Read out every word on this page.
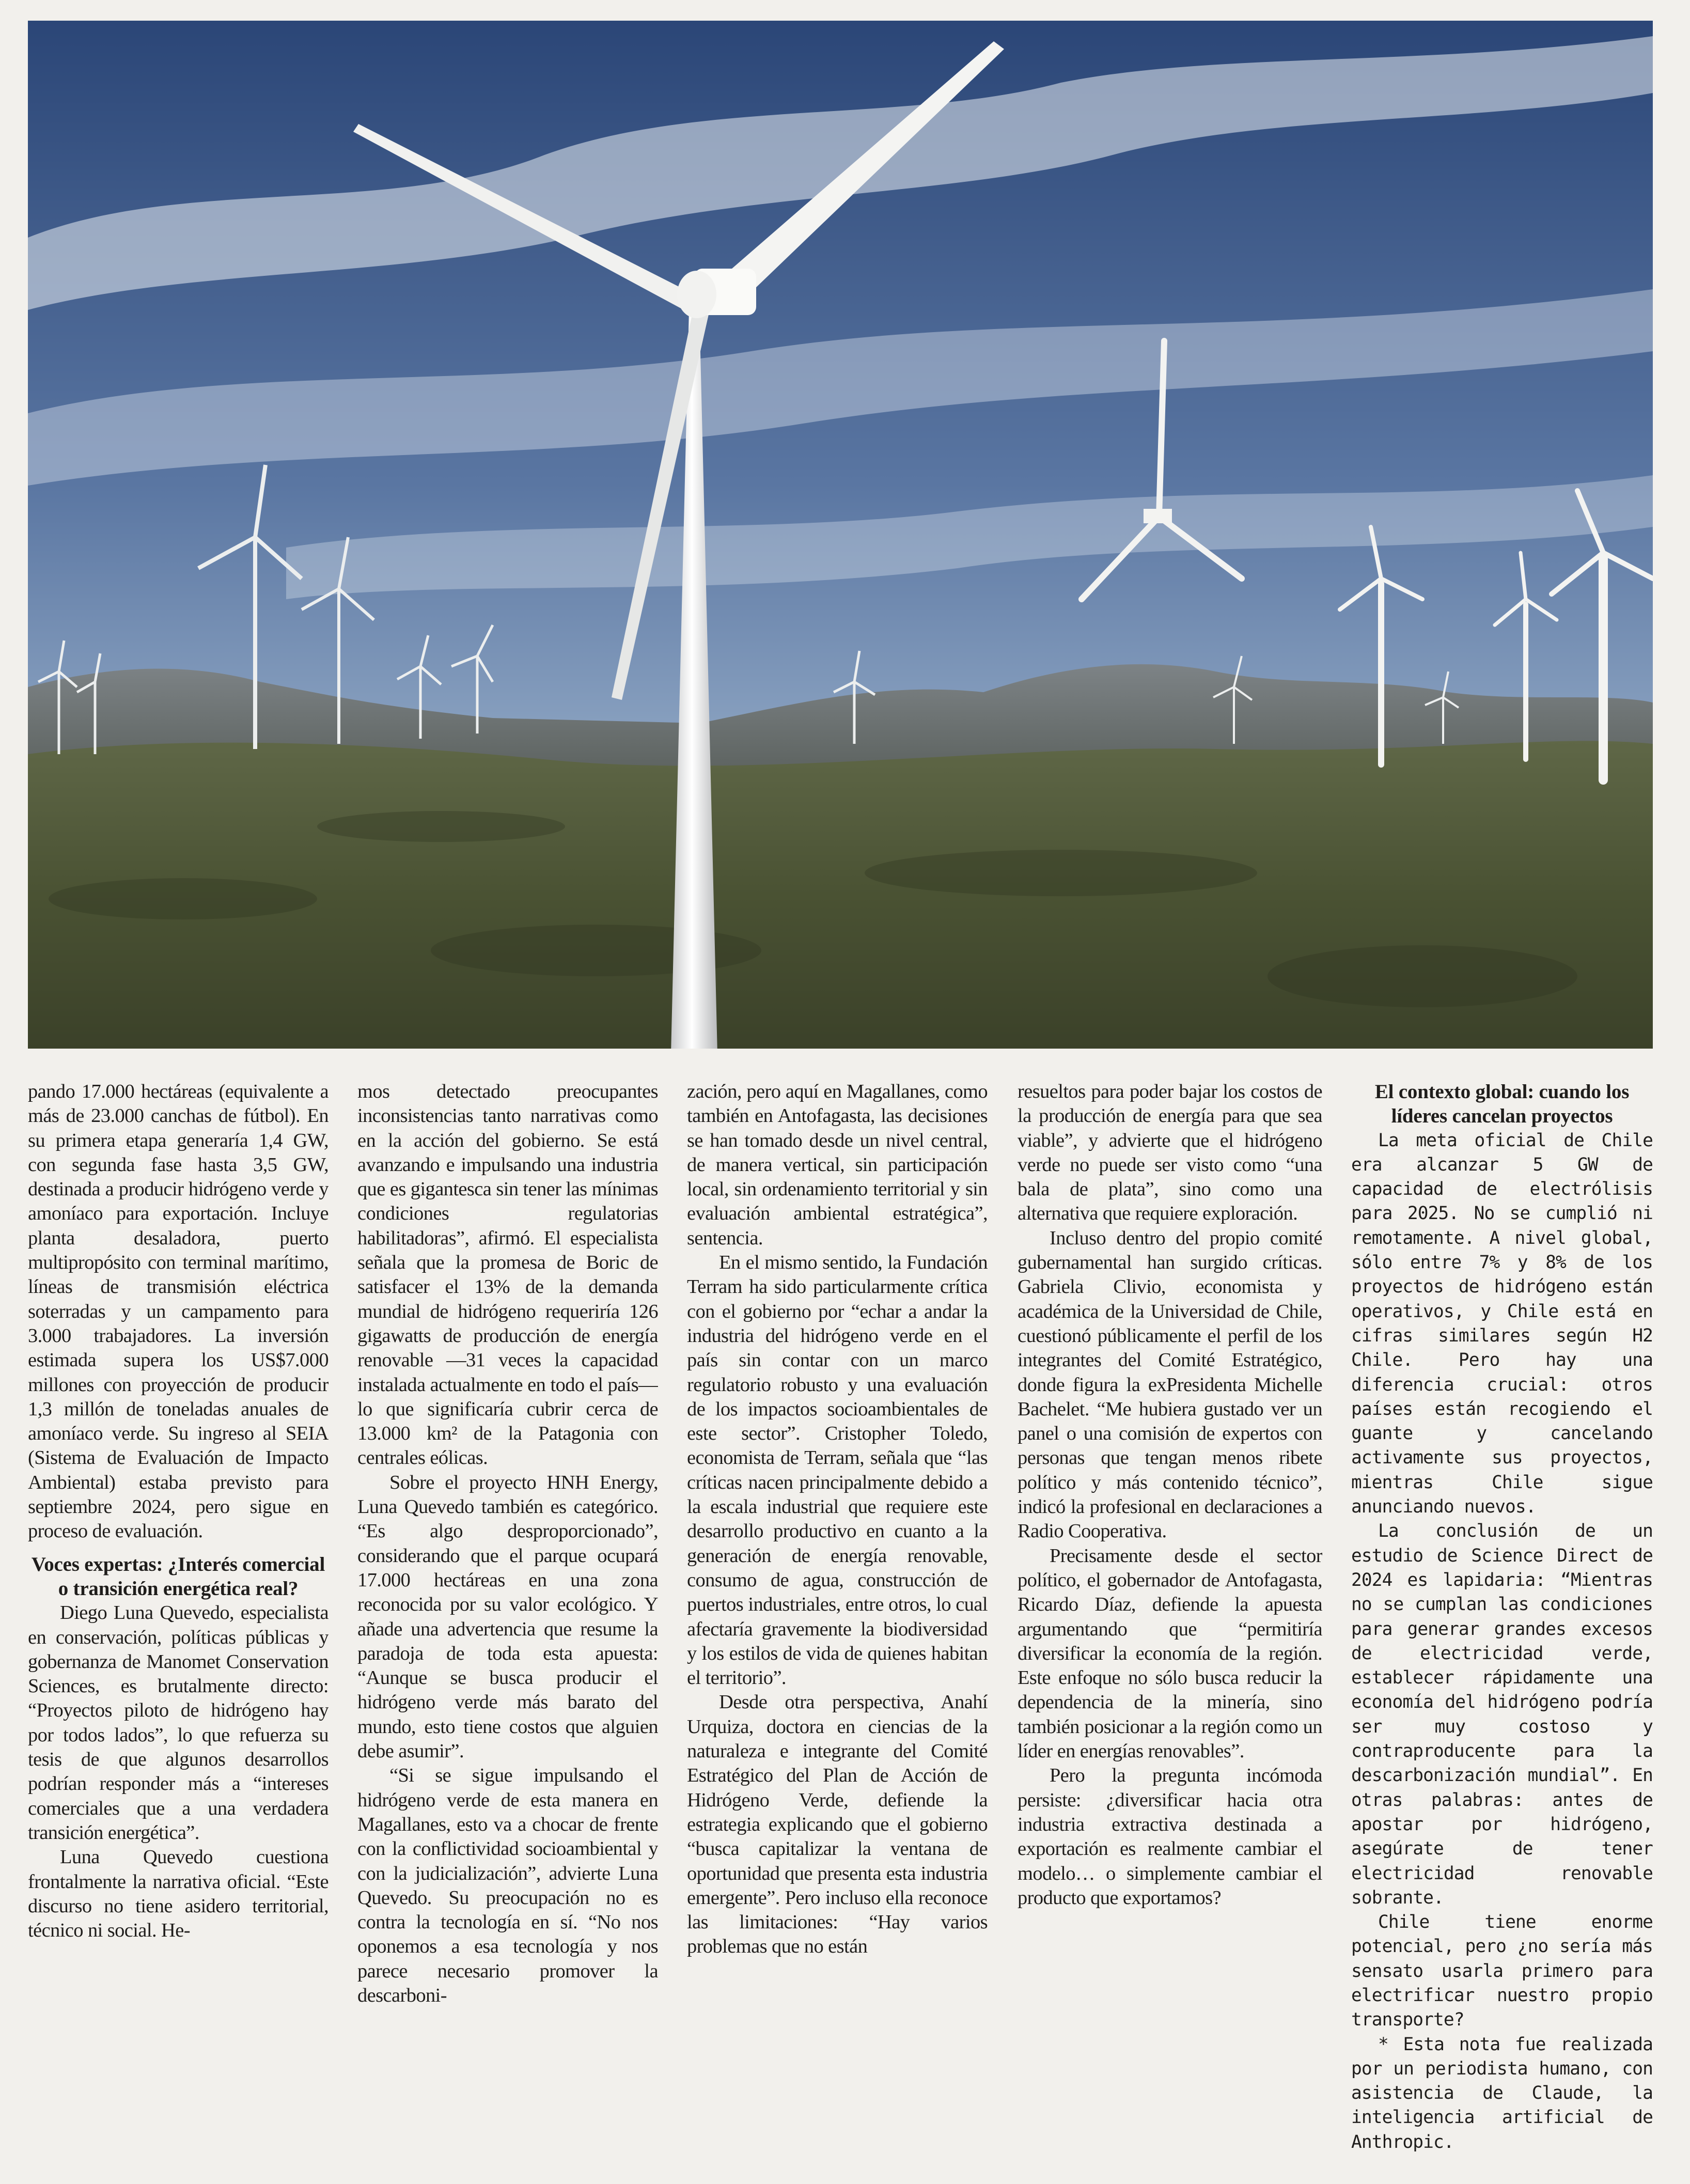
pando 17.000 hectáreas (equivalente a más de 23.000 canchas de fútbol). En su primera etapa generaría 1,4 GW, con segunda fase hasta 3,5 GW, destinada a producir hidrógeno verde y amoníaco para exportación. Incluye planta desaladora, puerto multipropósito con terminal marítimo, líneas de transmisión eléctrica soterradas y un campamento para 3.000 trabajadores. La inversión estimada supera los US$7.000 millones con proyección de producir 1,3 millón de toneladas anuales de amoníaco verde. Su ingreso al SEIA (Sistema de Evaluación de Impacto Ambiental) estaba previsto para septiembre 2024, pero sigue en proceso de evaluación.

Voces expertas: ¿Interés comercial o transición energética real?

Diego Luna Quevedo, especialista en conservación, políticas públicas y gobernanza de Manomet Conservation Sciences, es brutalmente directo: “Proyectos piloto de hidrógeno hay por todos lados”, lo que refuerza su tesis de que algunos desarrollos podrían responder más a “intereses comerciales que a una verdadera transición energética”.

Luna Quevedo cuestiona frontalmente la narrativa oficial. “Este discurso no tiene asidero territorial, técnico ni social. He-

mos detectado preocupantes inconsistencias tanto narrativas como en la acción del gobierno. Se está avanzando e impulsando una industria que es gigantesca sin tener las mínimas condiciones regulatorias habilitadoras”, afirmó. El especialista señala que la promesa de Boric de satisfacer el 13% de la demanda mundial de hidrógeno requeriría 126 gigawatts de producción de energía renovable —31 veces la capacidad instalada actualmente en todo el país— lo que significaría cubrir cerca de 13.000 km² de la Patagonia con centrales eólicas.

Sobre el proyecto HNH Energy, Luna Quevedo también es categórico. “Es algo desproporcionado”, considerando que el parque ocupará 17.000 hectáreas en una zona reconocida por su valor ecológico. Y añade una advertencia que resume la paradoja de toda esta apuesta: “Aunque se busca producir el hidrógeno verde más barato del mundo, esto tiene costos que alguien debe asumir”.

“Si se sigue impulsando el hidrógeno verde de esta manera en Magallanes, esto va a chocar de frente con la conflictividad socioambiental y con la judicialización”, advierte Luna Quevedo. Su preocupación no es contra la tecnología en sí. “No nos oponemos a esa tecnología y nos parece necesario promover la descarboni-

zación, pero aquí en Magallanes, como también en Antofagasta, las decisiones se han tomado desde un nivel central, de manera vertical, sin participación local, sin ordenamiento territorial y sin evaluación ambiental estratégica”, sentencia.

En el mismo sentido, la Fundación Terram ha sido particularmente crítica con el gobierno por “echar a andar la industria del hidrógeno verde en el país sin contar con un marco regulatorio robusto y una evaluación de los impactos socioambientales de este sector”. Cristopher Toledo, economista de Terram, señala que “las críticas nacen principalmente debido a la escala industrial que requiere este desarrollo productivo en cuanto a la generación de energía renovable, consumo de agua, construcción de puertos industriales, entre otros, lo cual afectaría gravemente la biodiversidad y los estilos de vida de quienes habitan el territorio”.

Desde otra perspectiva, Anahí Urquiza, doctora en ciencias de la naturaleza e integrante del Comité Estratégico del Plan de Acción de Hidrógeno Verde, defiende la estrategia explicando que el gobierno “busca capitalizar la ventana de oportunidad que presenta esta industria emergente”. Pero incluso ella reconoce las limitaciones: “Hay varios problemas que no están

resueltos para poder bajar los costos de la producción de energía para que sea viable”, y advierte que el hidrógeno verde no puede ser visto como “una bala de plata”, sino como una alternativa que requiere exploración.

Incluso dentro del propio comité gubernamental han surgido críticas. Gabriela Clivio, economista y académica de la Universidad de Chile, cuestionó públicamente el perfil de los integrantes del Comité Estratégico, donde figura la exPresidenta Michelle Bachelet. “Me hubiera gustado ver un panel o una comisión de expertos con personas que tengan menos ribete político y más contenido técnico”, indicó la profesional en declaraciones a Radio Cooperativa.

Precisamente desde el sector político, el gobernador de Antofagasta, Ricardo Díaz, defiende la apuesta argumentando que “permitiría diversificar la economía de la región. Este enfoque no sólo busca reducir la dependencia de la minería, sino también posicionar a la región como un líder en energías renovables”.

Pero la pregunta incómoda persiste: ¿diversificar hacia otra industria extractiva destinada a exportación es realmente cambiar el modelo… o simplemente cambiar el producto que exportamos?

El contexto global: cuando los líderes cancelan proyectos

La meta oficial de Chile era alcanzar 5 GW de capacidad de electrólisis para 2025. No se cumplió ni remotamente. A nivel global, sólo entre 7% y 8% de los proyectos de hidrógeno están operativos, y Chile está en cifras similares según H2 Chile. Pero hay una diferencia crucial: otros países están recogiendo el guante y cancelando activamente sus proyectos, mientras Chile sigue anunciando nuevos.

La conclusión de un estudio de Science Direct de 2024 es lapidaria: “Mientras no se cumplan las condiciones para generar grandes excesos de electricidad verde, establecer rápidamente una economía del hidrógeno podría ser muy costoso y contraproducente para la descarbonización mundial”. En otras palabras: antes de apostar por hidrógeno, asegúrate de tener electricidad renovable sobrante.

Chile tiene enorme potencial, pero ¿no sería más sensato usarla primero para electrificar nuestro propio transporte?

* Esta nota fue realizada por un periodista humano, con asistencia de Claude, la inteligencia artificial de Anthropic.
